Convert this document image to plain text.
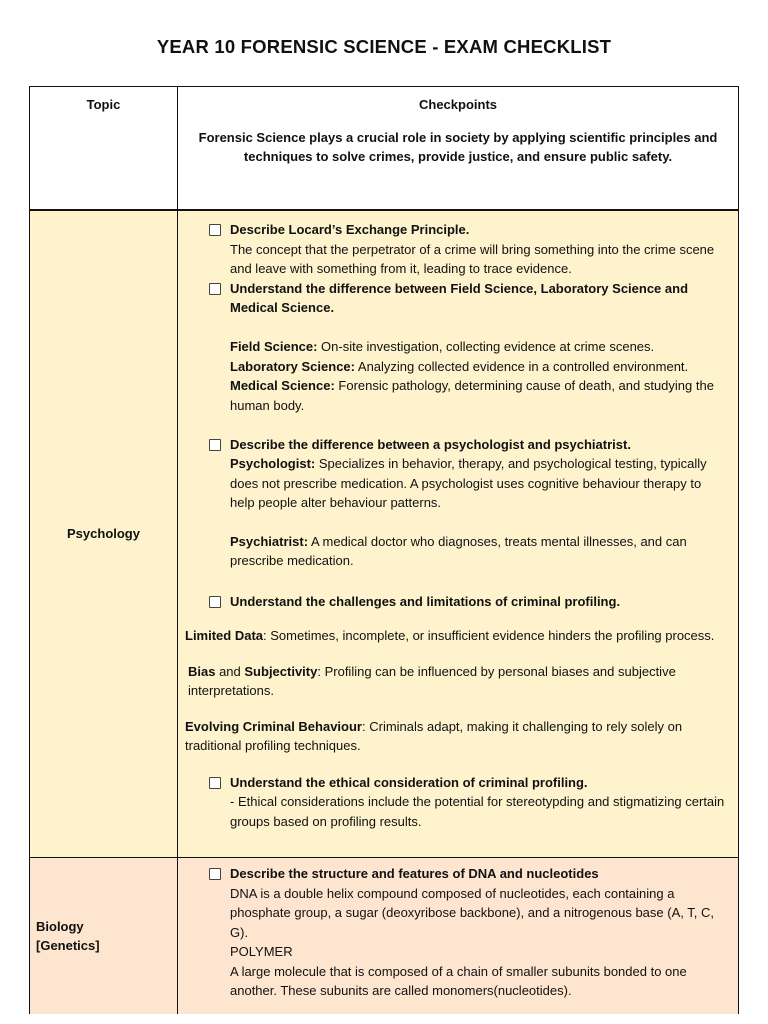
YEAR 10 FORENSIC SCIENCE - EXAM CHECKLIST
Topic	Checkpoints
Forensic Science plays a crucial role in society by applying scientific principles and techniques to solve crimes, provide justice, and ensure public safety.
Psychology
Describe Locard’s Exchange Principle.
The concept that the perpetrator of a crime will bring something into the crime scene and leave with something from it, leading to trace evidence.
Understand the difference between Field Science, Laboratory Science and Medical Science.
Field Science: On-site investigation, collecting evidence at crime scenes.
Laboratory Science: Analyzing collected evidence in a controlled environment.
Medical Science: Forensic pathology, determining cause of death, and studying the human body.
Describe the difference between a psychologist and psychiatrist.
Psychologist: Specializes in behavior, therapy, and psychological testing, typically does not prescribe medication. A psychologist uses cognitive behaviour therapy to help people alter behaviour patterns.
Psychiatrist: A medical doctor who diagnoses, treats mental illnesses, and can prescribe medication.
Understand the challenges and limitations of criminal profiling.
Limited Data: Sometimes, incomplete, or insufficient evidence hinders the profiling process.
Bias and Subjectivity: Profiling can be influenced by personal biases and subjective interpretations.
Evolving Criminal Behaviour: Criminals adapt, making it challenging to rely solely on traditional profiling techniques.
Understand the ethical consideration of criminal profiling.
- Ethical considerations include the potential for stereotypding and stigmatizing certain groups based on profiling results.
Biology
[Genetics]
Describe the structure and features of DNA and nucleotides
DNA is a double helix compound composed of nucleotides, each containing a phosphate group, a sugar (deoxyribose backbone), and a nitrogenous base (A, T, C, G).
POLYMER
A large molecule that is composed of a chain of smaller subunits bonded to one another. These subunits are called monomers(nucleotides).
